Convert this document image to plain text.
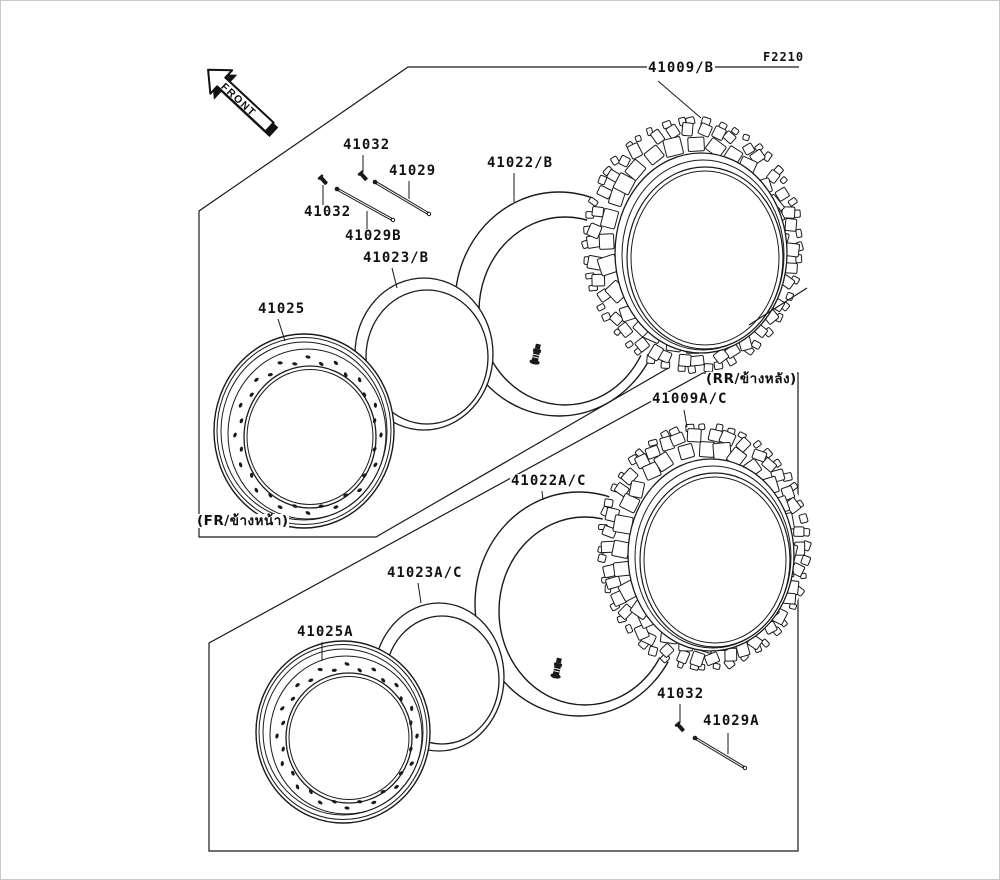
FRONT
F2210
41009/B
41032
41029
41032
41029B
41022/B
41023/B
41025
41009A/C
41022A/C
41023A/C
41025A
41032
41029A
(FR/ข้างหน้า)
(RR/ข้างหลัง)
